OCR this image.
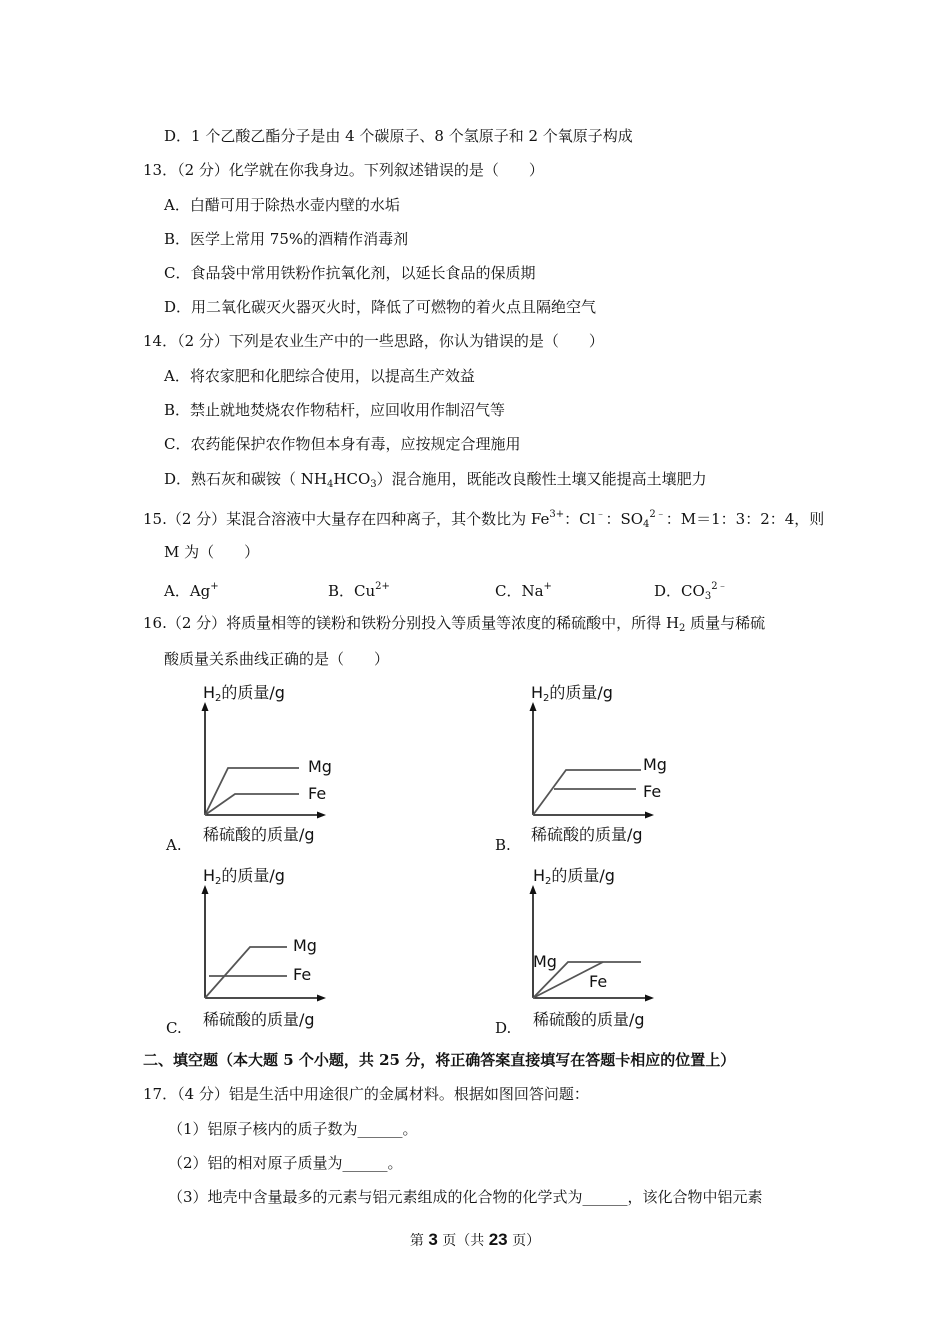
D．1 个乙酸乙酯分子是由 4 个碳原子、8 个氢原子和 2 个氧原子构成
13．（2 分）化学就在你我身边。下列叙述错误的是（　　）
A．白醋可用于除热水壶内壁的水垢
B．医学上常用 75%的酒精作消毒剂
C．食品袋中常用铁粉作抗氧化剂，以延长食品的保质期
D．用二氧化碳灭火器灭火时，降低了可燃物的着火点且隔绝空气
14．（2 分）下列是农业生产中的一些思路，你认为错误的是（　　）
A．将农家肥和化肥综合使用，以提高生产效益
B．禁止就地焚烧农作物秸杆，应回收用作制沼气等
C．农药能保护农作物但本身有毒，应按规定合理施用
D．熟石灰和碳铵（ $NH_4HCO_3$）混合施用，既能改良酸性土壤又能提高土壤肥力
15.（2 分）某混合溶液中大量存在四种离子，其个数比为 $Fe^{3+}$：Cl﹣：$SO_4^{2﹣}$：M＝1：3：2：4，则
M 为（　　）
A．Ag+	B．$Cu^{2+}$	C．Na+	D．$CO_3^{2﹣}$
16.（2 分）将质量相等的镁粉和铁粉分别投入等质量等浓度的稀硫酸中，所得 $H_2$ 质量与稀硫
酸质量关系曲线正确的是（　　）
$H_2$的质量/g
Mg
Fe
稀硫酸的质量/g
A.
$H_2$的质量/g
Mg
Fe
稀硫酸的质量/g
B.
$H_2$的质量/g
Mg
Fe
稀硫酸的质量/g
C.
$H_2$的质量/g
Mg
Fe
稀硫酸的质量/g
D.
二、填空题（本大题 5 个小题，共 25 分，将正确答案直接填写在答题卡相应的位置上）
17．（4 分）铝是生活中用途很广的金属材料。根据如图回答问题：
（1）铝原子核内的质子数为______。
（2）铝的相对原子质量为______。
（3）地壳中含量最多的元素与铝元素组成的化合物的化学式为______，该化合物中铝元素
第 3 页（共 23 页）
